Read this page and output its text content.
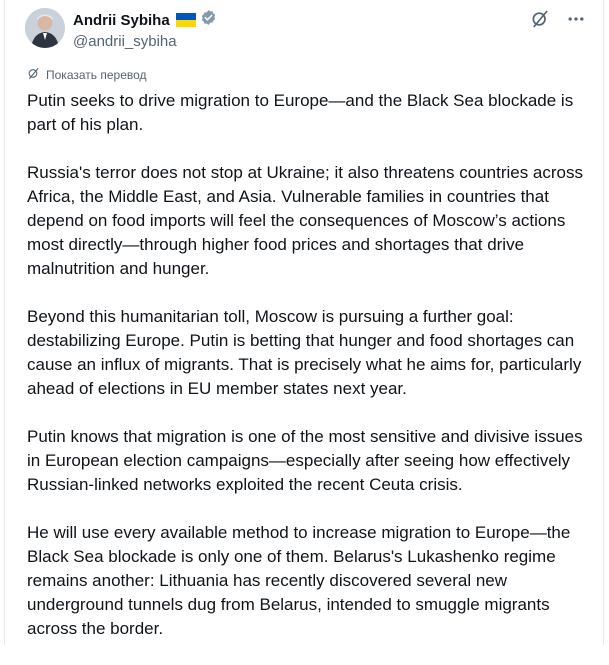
Andrii Sybiha
@andrii_sybiha
Показать перевод

Putin seeks to drive migration to Europe—and the Black Sea blockade is part of his plan.

Russia's terror does not stop at Ukraine; it also threatens countries across Africa, the Middle East, and Asia. Vulnerable families in countries that depend on food imports will feel the consequences of Moscow’s actions most directly—through higher food prices and shortages that drive malnutrition and hunger.

Beyond this humanitarian toll, Moscow is pursuing a further goal: destabilizing Europe. Putin is betting that hunger and food shortages can cause an influx of migrants. That is precisely what he aims for, particularly ahead of elections in EU member states next year.

Putin knows that migration is one of the most sensitive and divisive issues in European election campaigns—especially after seeing how effectively Russian-linked networks exploited the recent Ceuta crisis.

He will use every available method to increase migration to Europe—the Black Sea blockade is only one of them. Belarus's Lukashenko regime remains another: Lithuania has recently discovered several new underground tunnels dug from Belarus, intended to smuggle migrants across the border.
